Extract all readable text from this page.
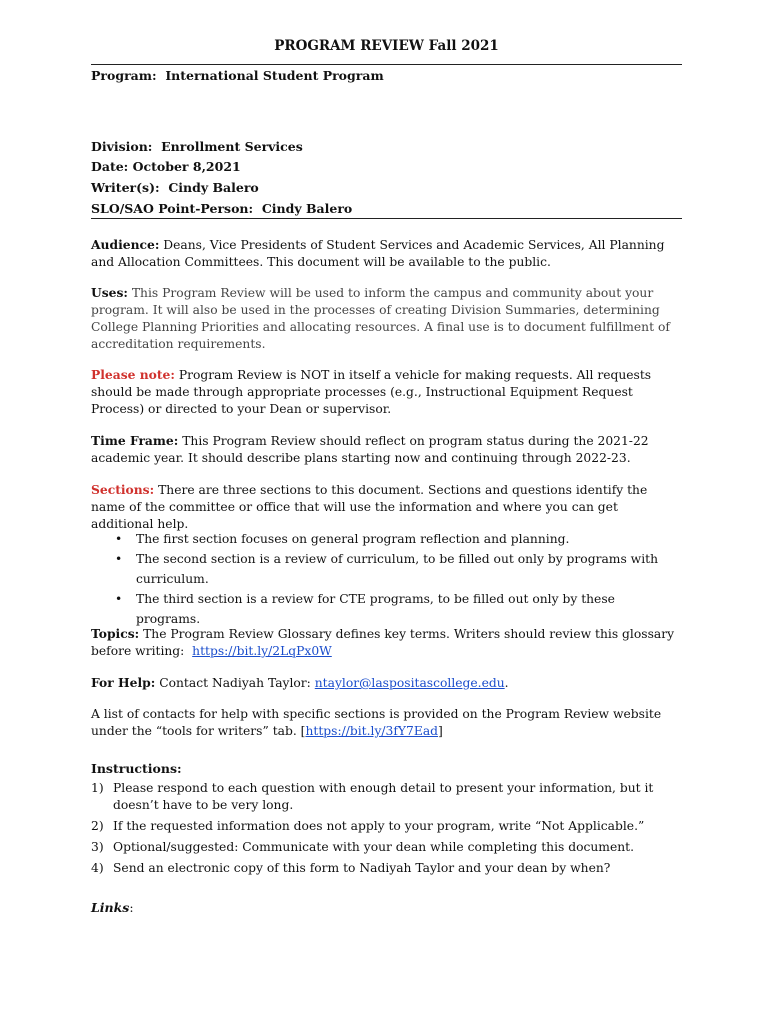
PROGRAM REVIEW Fall 2021
Program: International Student Program
Division: Enrollment Services
Date: October 8,2021
Writer(s): Cindy Balero
SLO/SAO Point-Person: Cindy Balero
Audience: Deans, Vice Presidents of Student Services and Academic Services, All Planning and Allocation Committees. This document will be available to the public.
Uses: This Program Review will be used to inform the campus and community about your program. It will also be used in the processes of creating Division Summaries, determining College Planning Priorities and allocating resources. A final use is to document fulfillment of accreditation requirements.
Please note: Program Review is NOT in itself a vehicle for making requests. All requests should be made through appropriate processes (e.g., Instructional Equipment Request Process) or directed to your Dean or supervisor.
Time Frame: This Program Review should reflect on program status during the 2021-22 academic year. It should describe plans starting now and continuing through 2022-23.
Sections: There are three sections to this document. Sections and questions identify the name of the committee or office that will use the information and where you can get additional help.
• The first section focuses on general program reflection and planning.
• The second section is a review of curriculum, to be filled out only by programs with curriculum.
• The third section is a review for CTE programs, to be filled out only by these programs.
Topics: The Program Review Glossary defines key terms. Writers should review this glossary before writing: https://bit.ly/2LqPx0W
For Help: Contact Nadiyah Taylor: ntaylor@laspositascollege.edu.
A list of contacts for help with specific sections is provided on the Program Review website under the “tools for writers” tab. [https://bit.ly/3fY7Ead]
Instructions:
1) Please respond to each question with enough detail to present your information, but it doesn’t have to be very long.
2) If the requested information does not apply to your program, write “Not Applicable.”
3) Optional/suggested: Communicate with your dean while completing this document.
4) Send an electronic copy of this form to Nadiyah Taylor and your dean by when?
Links:
